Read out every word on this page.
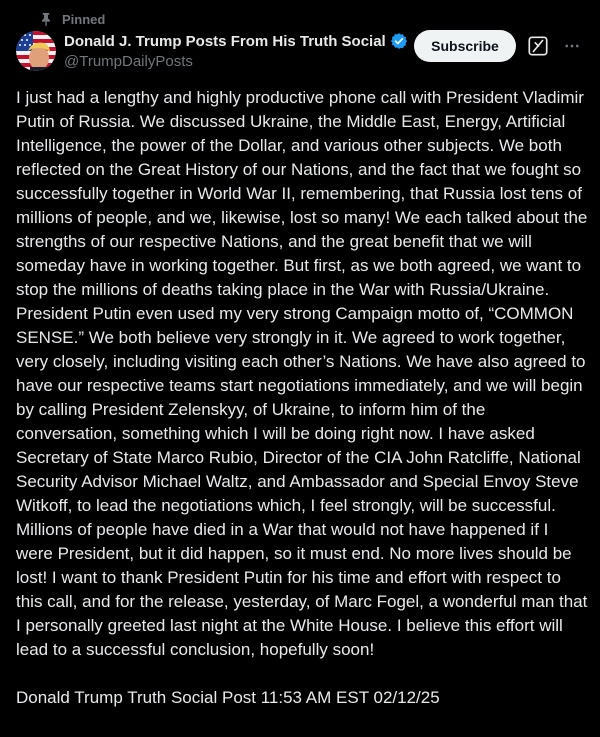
Pinned
Donald J. Trump Posts From His Truth Social
@TrumpDailyPosts
Subscribe

I just had a lengthy and highly productive phone call with President Vladimir Putin of Russia. We discussed Ukraine, the Middle East, Energy, Artificial Intelligence, the power of the Dollar, and various other subjects. We both reflected on the Great History of our Nations, and the fact that we fought so successfully together in World War II, remembering, that Russia lost tens of millions of people, and we, likewise, lost so many! We each talked about the strengths of our respective Nations, and the great benefit that we will someday have in working together. But first, as we both agreed, we want to stop the millions of deaths taking place in the War with Russia/Ukraine. President Putin even used my very strong Campaign motto of, “COMMON SENSE.” We both believe very strongly in it. We agreed to work together, very closely, including visiting each other’s Nations. We have also agreed to have our respective teams start negotiations immediately, and we will begin by calling President Zelenskyy, of Ukraine, to inform him of the conversation, something which I will be doing right now. I have asked Secretary of State Marco Rubio, Director of the CIA John Ratcliffe, National Security Advisor Michael Waltz, and Ambassador and Special Envoy Steve Witkoff, to lead the negotiations which, I feel strongly, will be successful. Millions of people have died in a War that would not have happened if I were President, but it did happen, so it must end. No more lives should be lost! I want to thank President Putin for his time and effort with respect to this call, and for the release, yesterday, of Marc Fogel, a wonderful man that I personally greeted last night at the White House. I believe this effort will lead to a successful conclusion, hopefully soon!

Donald Trump Truth Social Post 11:53 AM EST 02/12/25
